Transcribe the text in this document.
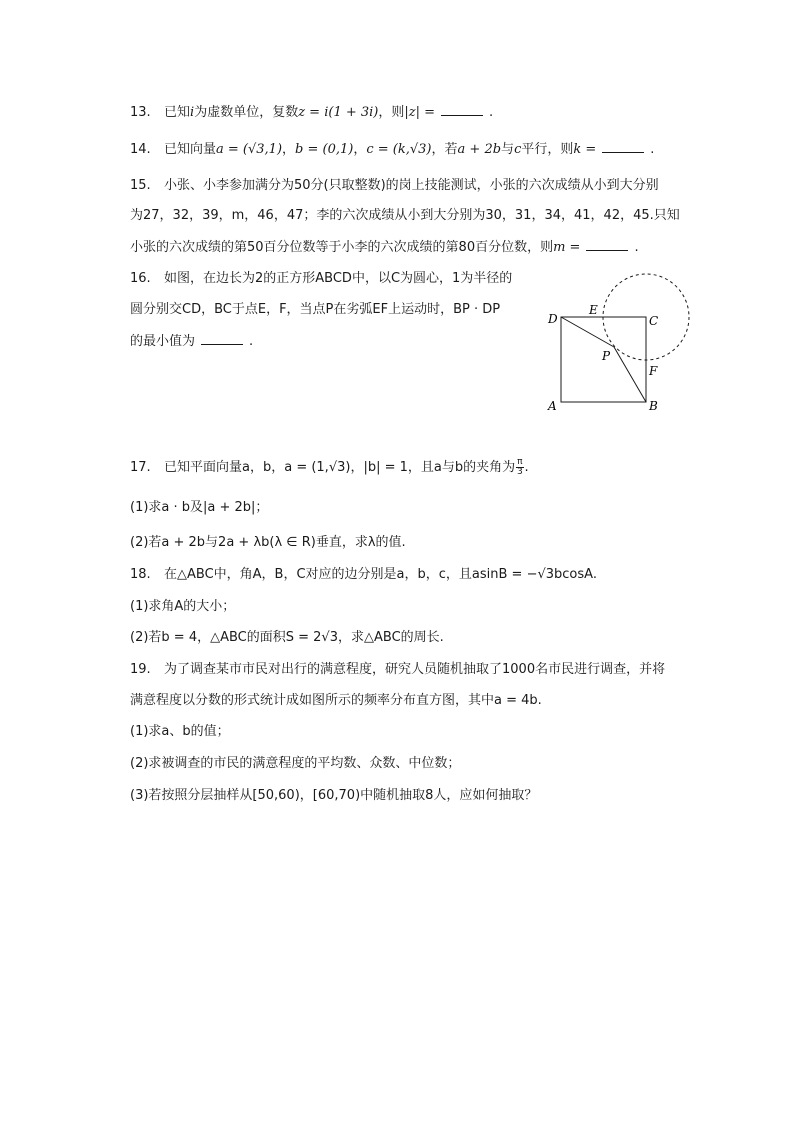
13. 已知i为虚数单位，复数z = i(1 + 3i)，则|z| =	.
14. 已知向量a = (√3,1)，b = (0,1)，c = (k,√3)，若a + 2b与c平行，则k =	.
15. 小张、小李参加满分为50分(只取整数)的岗上技能测试，小张的六次成绩从小到大分别
为27，32，39，m，46，47；李的六次成绩从小到大分别为30，31，34，41，42，45.只知
小张的六次成绩的第50百分位数等于小李的六次成绩的第80百分位数，则m =	.
16. 如图，在边长为2的正方形ABCD中，以C为圆心，1为半径的
圆分别交CD，BC于点E，F，当点P在劣弧EF上运动时，BP · DP
的最小值为	.
D
E
C
P
F
A	B
17. 已知平面向量a，b，a = (1,√3)，|b| = 1，且a与b的夹角为 $\frac{\pi}{3}$ .
(1)求a · b及|a + 2b|；
(2)若a + 2b与2a + λb(λ ∈ R)垂直，求λ的值.
18. 在△ABC中，角A，B，C对应的边分别是a，b，c，且asinB = −√3bcosA.
(1)求角A的大小；
(2)若b = 4，△ABC的面积S = 2√3，求△ABC的周长.
19. 为了调查某市市民对出行的满意程度，研究人员随机抽取了1000名市民进行调查，并将
满意程度以分数的形式统计成如图所示的频率分布直方图，其中a = 4b.
(1)求a、b的值；
(2)求被调查的市民的满意程度的平均数、众数、中位数；
(3)若按照分层抽样从[50,60)，[60,70)中随机抽取8人，应如何抽取？
